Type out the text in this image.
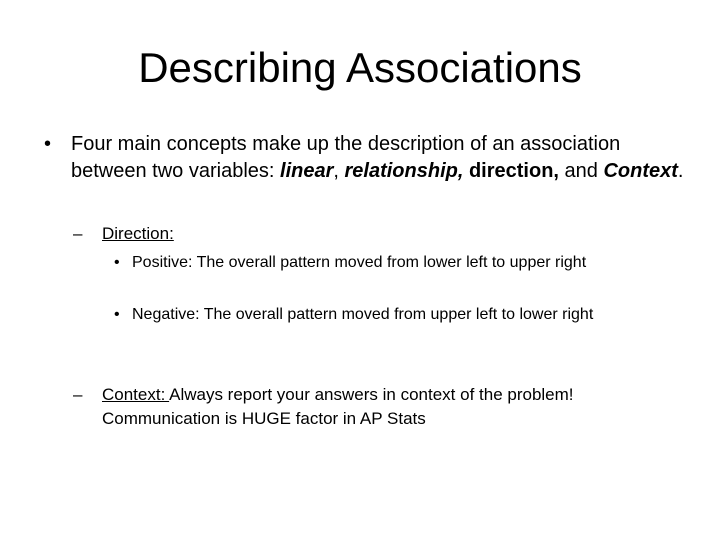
Describing Associations
• Four main concepts make up the description of an association between two variables: linear, relationship, direction, and Context.
– Direction:
• Positive: The overall pattern moved from lower left to upper right
• Negative: The overall pattern moved from upper left to lower right
– Context: Always report your answers in context of the problem! Communication is HUGE factor in AP Stats
